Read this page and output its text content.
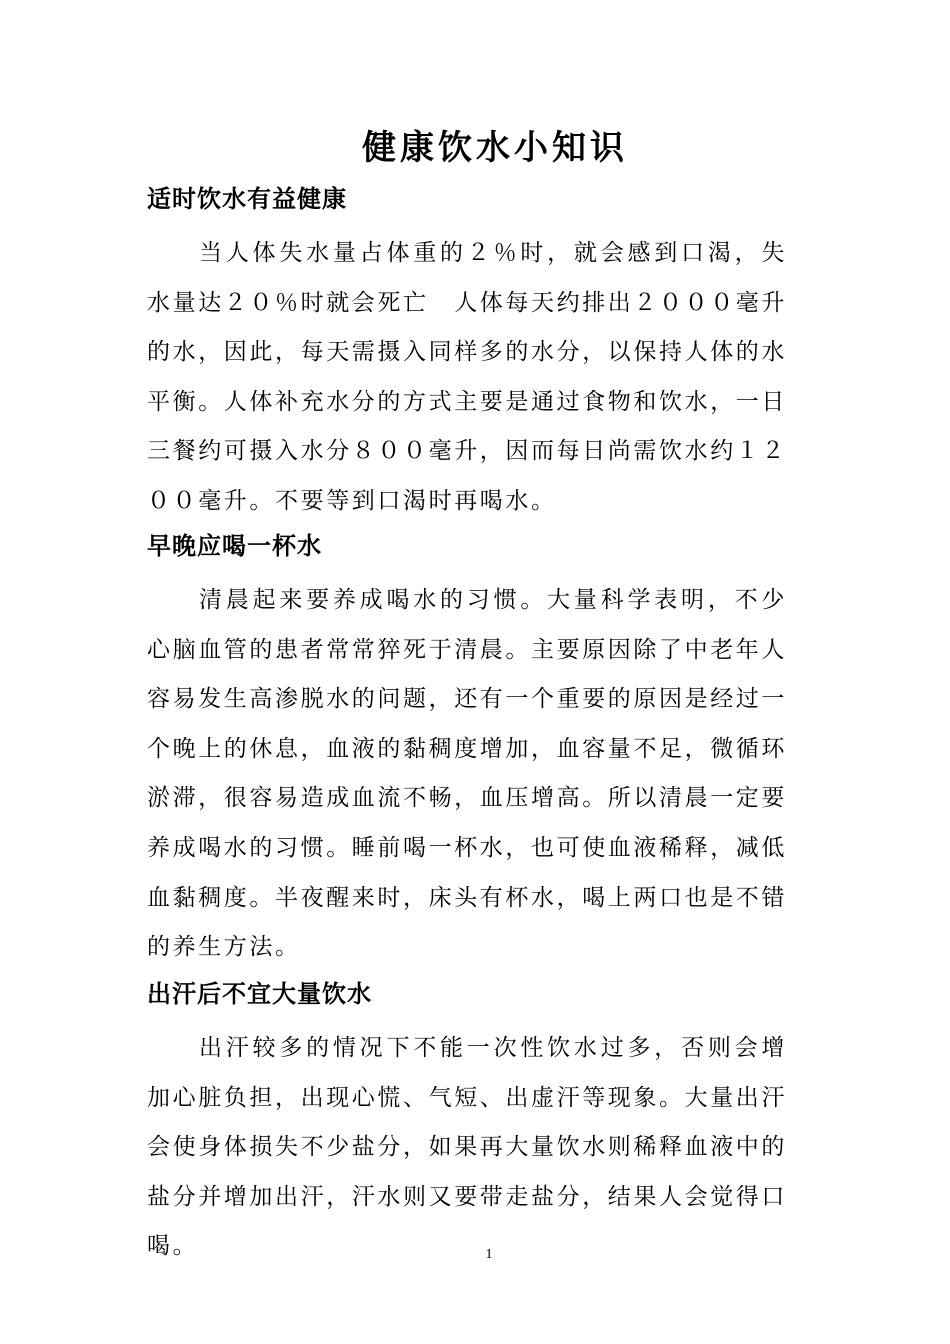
健康饮水小知识
适时饮水有益健康
当人体失水量占体重的２％时，就会感到口渴，失水量达２０％时就会死亡　人体每天约排出２０００毫升的水，因此，每天需摄入同样多的水分，以保持人体的水平衡。人体补充水分的方式主要是通过食物和饮水，一日三餐约可摄入水分８００毫升，因而每日尚需饮水约１２００毫升。不要等到口渴时再喝水。
早晚应喝一杯水
清晨起来要养成喝水的习惯。大量科学表明，不少心脑血管的患者常常猝死于清晨。主要原因除了中老年人容易发生高渗脱水的问题，还有一个重要的原因是经过一个晚上的休息，血液的黏稠度增加，血容量不足，微循环淤滞，很容易造成血流不畅，血压增高。所以清晨一定要养成喝水的习惯。睡前喝一杯水，也可使血液稀释，减低血黏稠度。半夜醒来时，床头有杯水，喝上两口也是不错的养生方法。
出汗后不宜大量饮水
出汗较多的情况下不能一次性饮水过多，否则会增加心脏负担，出现心慌、气短、出虚汗等现象。大量出汗会使身体损失不少盐分，如果再大量饮水则稀释血液中的盐分并增加出汗，汗水则又要带走盐分，结果人会觉得口喝。	1
